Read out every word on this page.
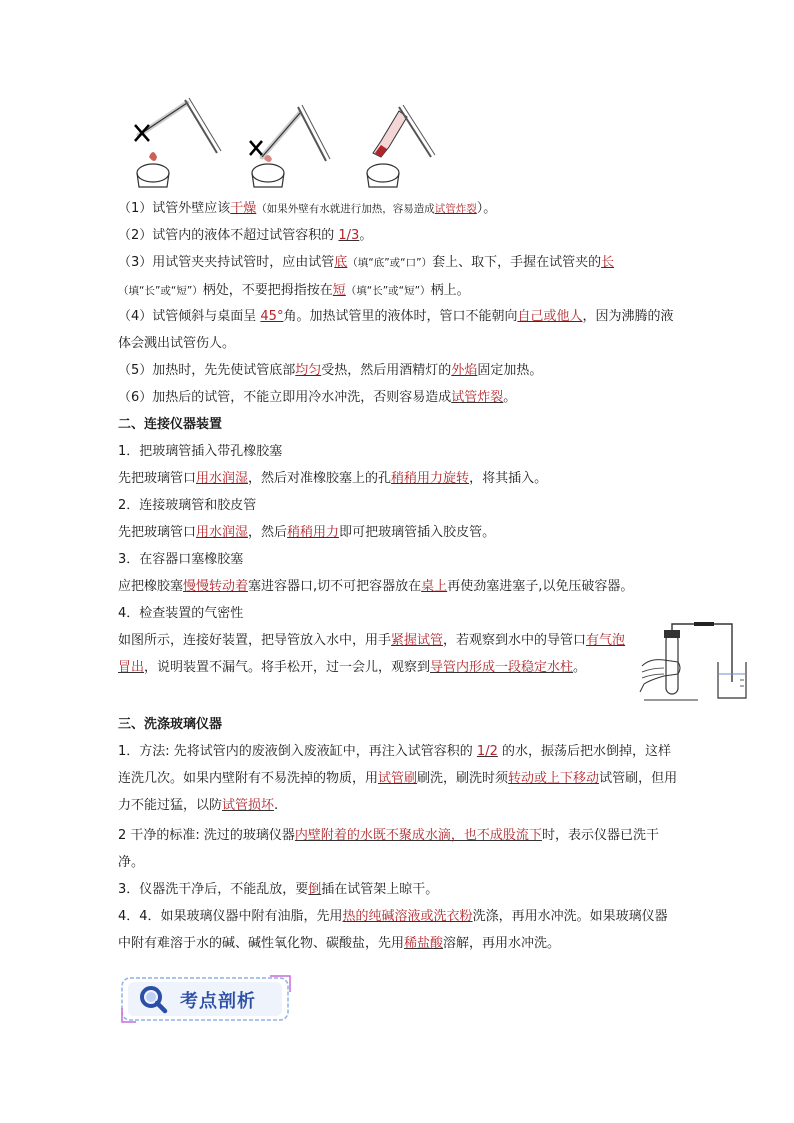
（1）试管外壁应该干燥（如果外壁有水就进行加热，容易造成试管炸裂）。
（2）试管内的液体不超过试管容积的 1/3。
（3）用试管夹夹持试管时，应由试管底（填“底”或“口”）套上、取下，手握在试管夹的长（填“长”或“短”）柄处，不要把拇指按在短（填“长”或“短”）柄上。
（4）试管倾斜与桌面呈 45°角。加热试管里的液体时，管口不能朝向自己或他人，因为沸腾的液体会溅出试管伤人。
（5）加热时，先先使试管底部均匀受热，然后用酒精灯的外焰固定加热。
（6）加热后的试管，不能立即用冷水冲洗，否则容易造成试管炸裂。
二、连接仪器装置
1．把玻璃管插入带孔橡胶塞
先把玻璃管口用水润湿，然后对准橡胶塞上的孔稍稍用力旋转，将其插入。
2．连接玻璃管和胶皮管
先把玻璃管口用水润湿，然后稍稍用力即可把玻璃管插入胶皮管。
3．在容器口塞橡胶塞
应把橡胶塞慢慢转动着塞进容器口,切不可把容器放在桌上再使劲塞进塞子,以免压破容器。
4．检查装置的气密性
如图所示，连接好装置，把导管放入水中，用手紧握试管，若观察到水中的导管口有气泡冒出，说明装置不漏气。将手松开，过一会儿，观察到导管内形成一段稳定水柱。
三、洗涤玻璃仪器
1．方法: 先将试管内的废液倒入废液缸中，再注入试管容积的 1/2 的水，振荡后把水倒掉，这样连洗几次。如果内壁附有不易洗掉的物质，用试管刷刷洗，刷洗时须转动或上下移动试管刷，但用力不能过猛，以防试管损坏.
2 干净的标准: 洗过的玻璃仪器内壁附着的水既不聚成水滴，也不成股流下时，表示仪器已洗干净。
3．仪器洗干净后，不能乱放，要倒插在试管架上晾干。
4．4．如果玻璃仪器中附有油脂，先用热的纯碱溶液或洗衣粉洗涤，再用水冲洗。如果玻璃仪器中附有难溶于水的碱、碱性氧化物、碳酸盐，先用稀盐酸溶解，再用水冲洗。
考点剖析
